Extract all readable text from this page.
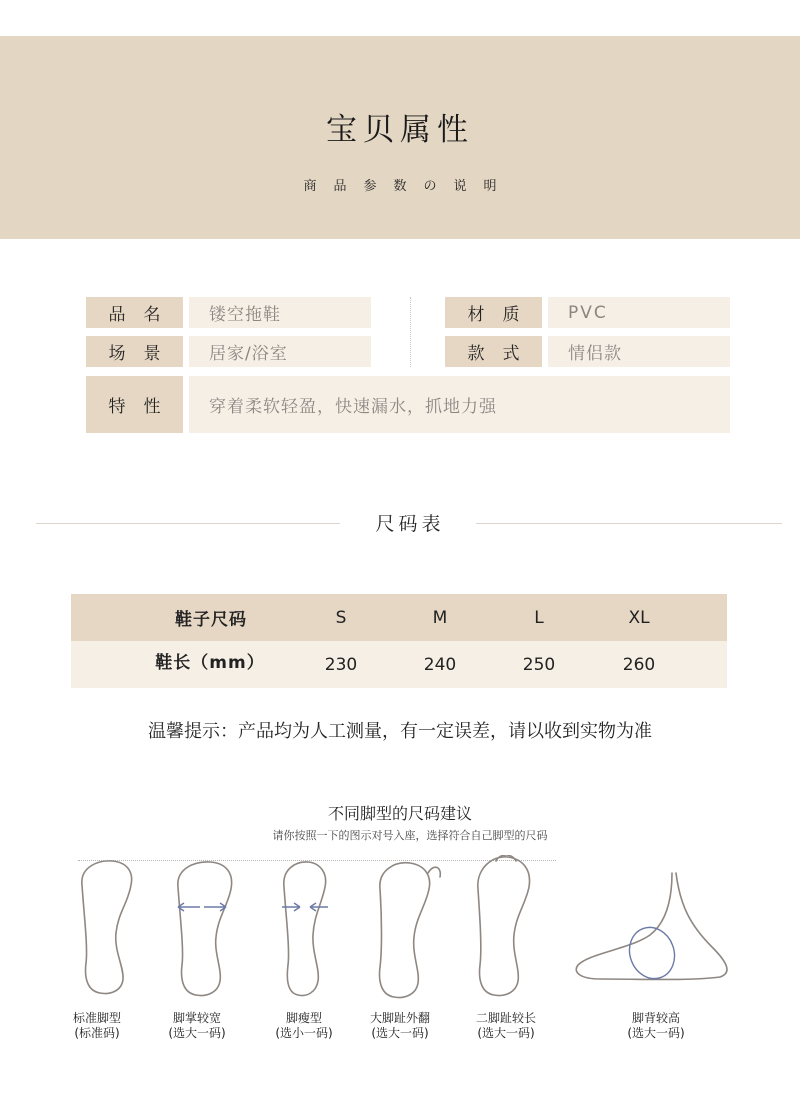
宝贝属性
商品参数の说明
品名	镂空拖鞋	材质	PVC
场景	居家/浴室	款式	情侣款
特性	穿着柔软轻盈，快速漏水，抓地力强
尺码表
鞋子尺码	S	M	L	XL
鞋长（mm）	230	240	250	260
温馨提示：产品均为人工测量，有一定误差，请以收到实物为准
不同脚型的尺码建议
请你按照一下的图示对号入座，选择符合自己脚型的尺码
标准脚型
(标准码)
脚掌较宽
(选大一码)
脚瘦型
(选小一码)
大脚趾外翻
(选大一码)
二脚趾较长
(选大一码)
脚背较高
(选大一码)
